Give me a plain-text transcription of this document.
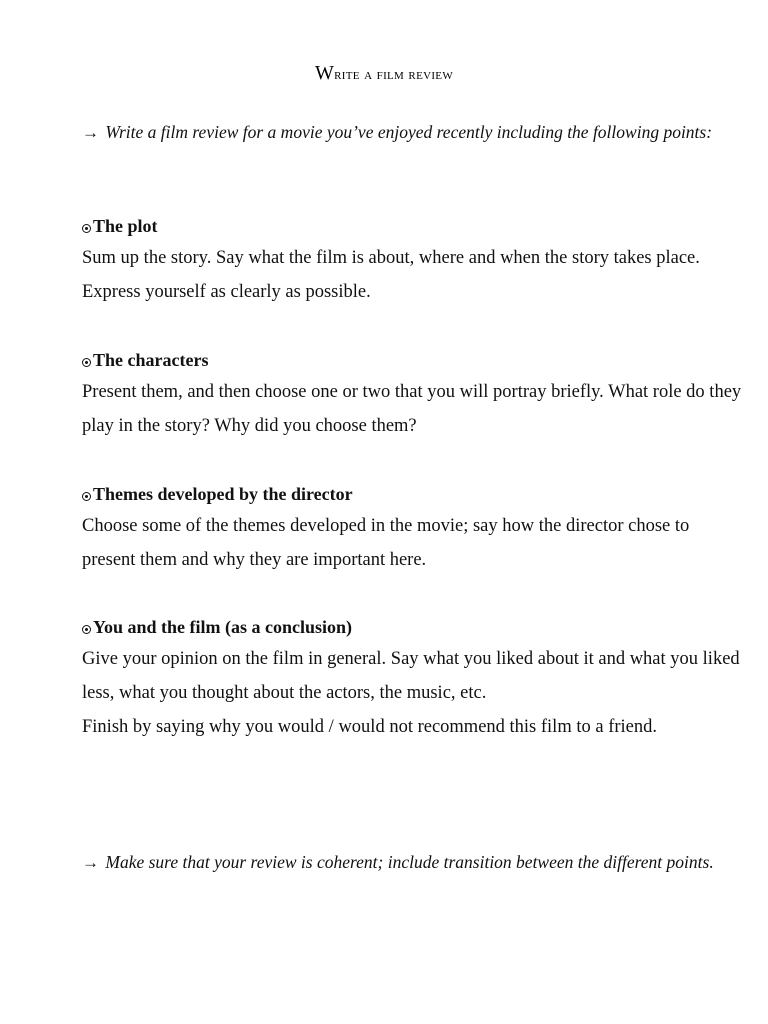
Write a film review
→ Write a film review for a movie you’ve enjoyed recently including the following points:
The plot

Sum up the story. Say what the film is about, where and when the story takes place. Express yourself as clearly as possible.

The characters

Present them, and then choose one or two that you will portray briefly. What role do they play in the story? Why did you choose them?

Themes developed by the director

Choose some of the themes developed in the movie; say how the director chose to present them and why they are important here.

You and the film (as a conclusion)

Give your opinion on the film in general. Say what you liked about it and what you liked less, what you thought about the actors, the music, etc.

Finish by saying why you would / would not recommend this film to a friend.

→ Make sure that your review is coherent; include transition between the different points.
